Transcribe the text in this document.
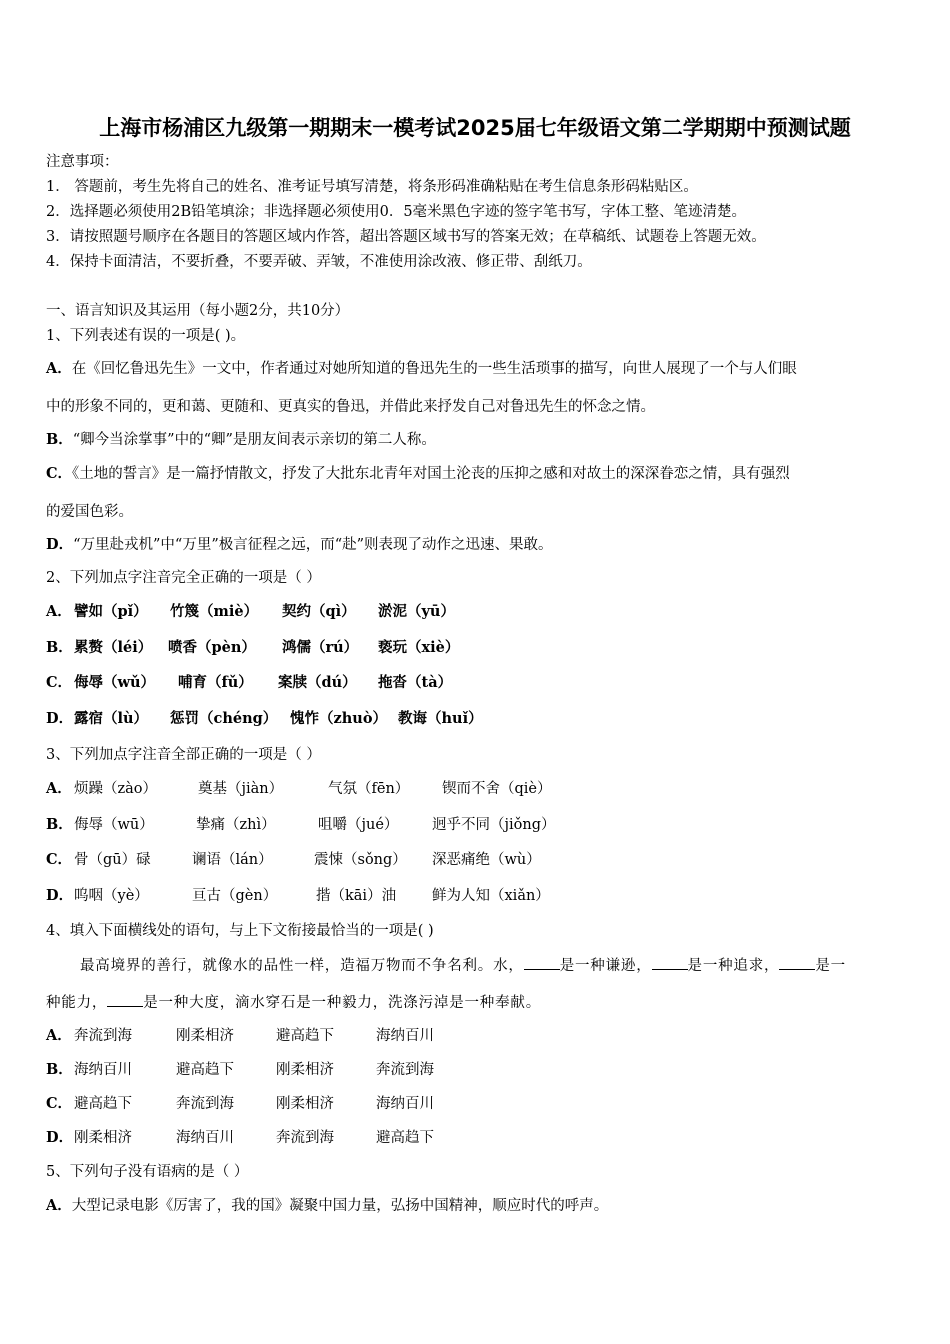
上海市杨浦区九级第一期期末一模考试2025届七年级语文第二学期期中预测试题
注意事项：
1． 答题前，考生先将自己的姓名、准考证号填写清楚，将条形码准确粘贴在考生信息条形码粘贴区。
2．选择题必须使用2B铅笔填涂；非选择题必须使用0．5毫米黑色字迹的签字笔书写，字体工整、笔迹清楚。
3．请按照题号顺序在各题目的答题区域内作答，超出答题区域书写的答案无效；在草稿纸、试题卷上答题无效。
4．保持卡面清洁，不要折叠，不要弄破、弄皱，不准使用涂改液、修正带、刮纸刀。
一、语言知识及其运用（每小题2分，共10分）
1、下列表述有误的一项是( )。
A．在《回忆鲁迅先生》一文中，作者通过对她所知道的鲁迅先生的一些生活琐事的描写，向世人展现了一个与人们眼
中的形象不同的，更和蔼、更随和、更真实的鲁迅，并借此来抒发自己对鲁迅先生的怀念之情。
B．“卿今当涂掌事”中的“卿”是朋友间表示亲切的第二人称。
C．《土地的誓言》是一篇抒情散文，抒发了大批东北青年对国土沦丧的压抑之感和对故土的深深眷恋之情，具有强烈
的爱国色彩。
D．“万里赴戎机”中“万里”极言征程之远，而“赴”则表现了动作之迅速、果敢。
2、下列加点字注音完全正确的一项是（ ）
A． 譬如（pǐ） 竹篾（miè） 契约（qì） 淤泥（yū）
B． 累赘（léi） 喷香（pèn） 鸿儒（rú） 亵玩（xiè）
C． 侮辱（wǔ） 哺育（fǔ） 案牍（dú） 拖沓（tà）
D． 露宿（lù） 惩罚（chéng） 愧怍（zhuò） 教诲（huǐ）
3、下列加点字注音全部正确的一项是（ ）
A． 烦躁（zào）	奠基（jiàn）	气氛（fēn） 锲而不舍（qiè）
B． 侮辱（wū）	挚痛（zhì）	咀嚼（jué） 迥乎不同（jiǒng）
C． 骨（gū）碌	谰语（lán）	震悚（sǒng） 深恶痛绝（wù）
D． 呜咽（yè）	亘古（gèn）	揩（kāi）油 鲜为人知（xiǎn）
4、填入下面横线处的语句，与上下文衔接最恰当的一项是( )
最高境界的善行，就像水的品性一样，造福万物而不争名利。水， 是一种谦逊， 是一种追求， 是一
种能力， 是一种大度，滴水穿石是一种毅力，洗涤污淖是一种奉献。
A． 奔流到海	刚柔相济	避高趋下	海纳百川
B． 海纳百川	避高趋下	刚柔相济	奔流到海
C． 避高趋下	奔流到海	刚柔相济	海纳百川
D． 刚柔相济	海纳百川	奔流到海	避高趋下
5、下列句子没有语病的是（ ）
A．大型记录电影《厉害了，我的国》凝聚中国力量，弘扬中国精神，顺应时代的呼声。
